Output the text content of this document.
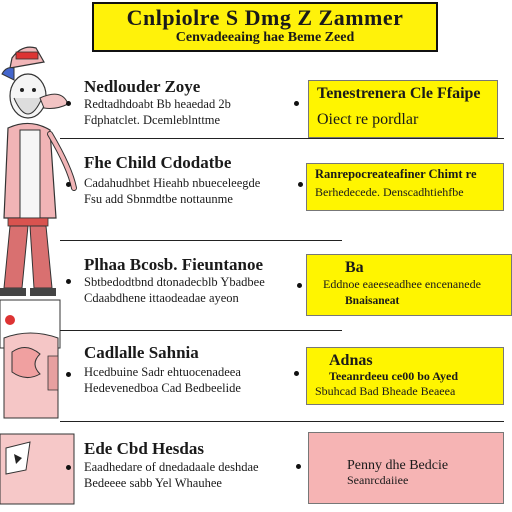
Cnlpiolre S Dmg Z Zammer
Cenvadeeaing hae Beme Zeed
Nedlouder Zoye
Redtadhdoabt Bb heaedad 2b
Fdphatclet. Dcemleblnttme
Tenestrenera Cle Ffaipe
Oiect re pordlar
Fhe Child Cdodatbe
Cadahudhbet Hieahb nbueceleegde
Fsu add Sbnmdtbe nottaunme
Ranrepocreateafiner Chimt re
Berhedecede. Denscadhtiehfbe
Plhaa Bcosb. Fieuntanoe
Sbtbedodtbnd dtonadecblb Ybadbee
Cdaabdhene ittaodeadae ayeon
Ba
Eddnoe eaeeseadhee encenanede
Bnaisaneat
Cadlalle Sahnia
Hcedbuine Sadr ehtuocenadeea
Hedevenedboa Cad Bedbeelide
Adnas
Teeanrdeeu ce00 bo Ayed
Sbuhcad Bad Bheade Beaeea
Ede Cbd Hesdas
Eaadhedare of dnedadaale deshdae
Bedeeee sabb Yel Whauhee
Penny dhe Bedcie
Seanrcdaiiee
